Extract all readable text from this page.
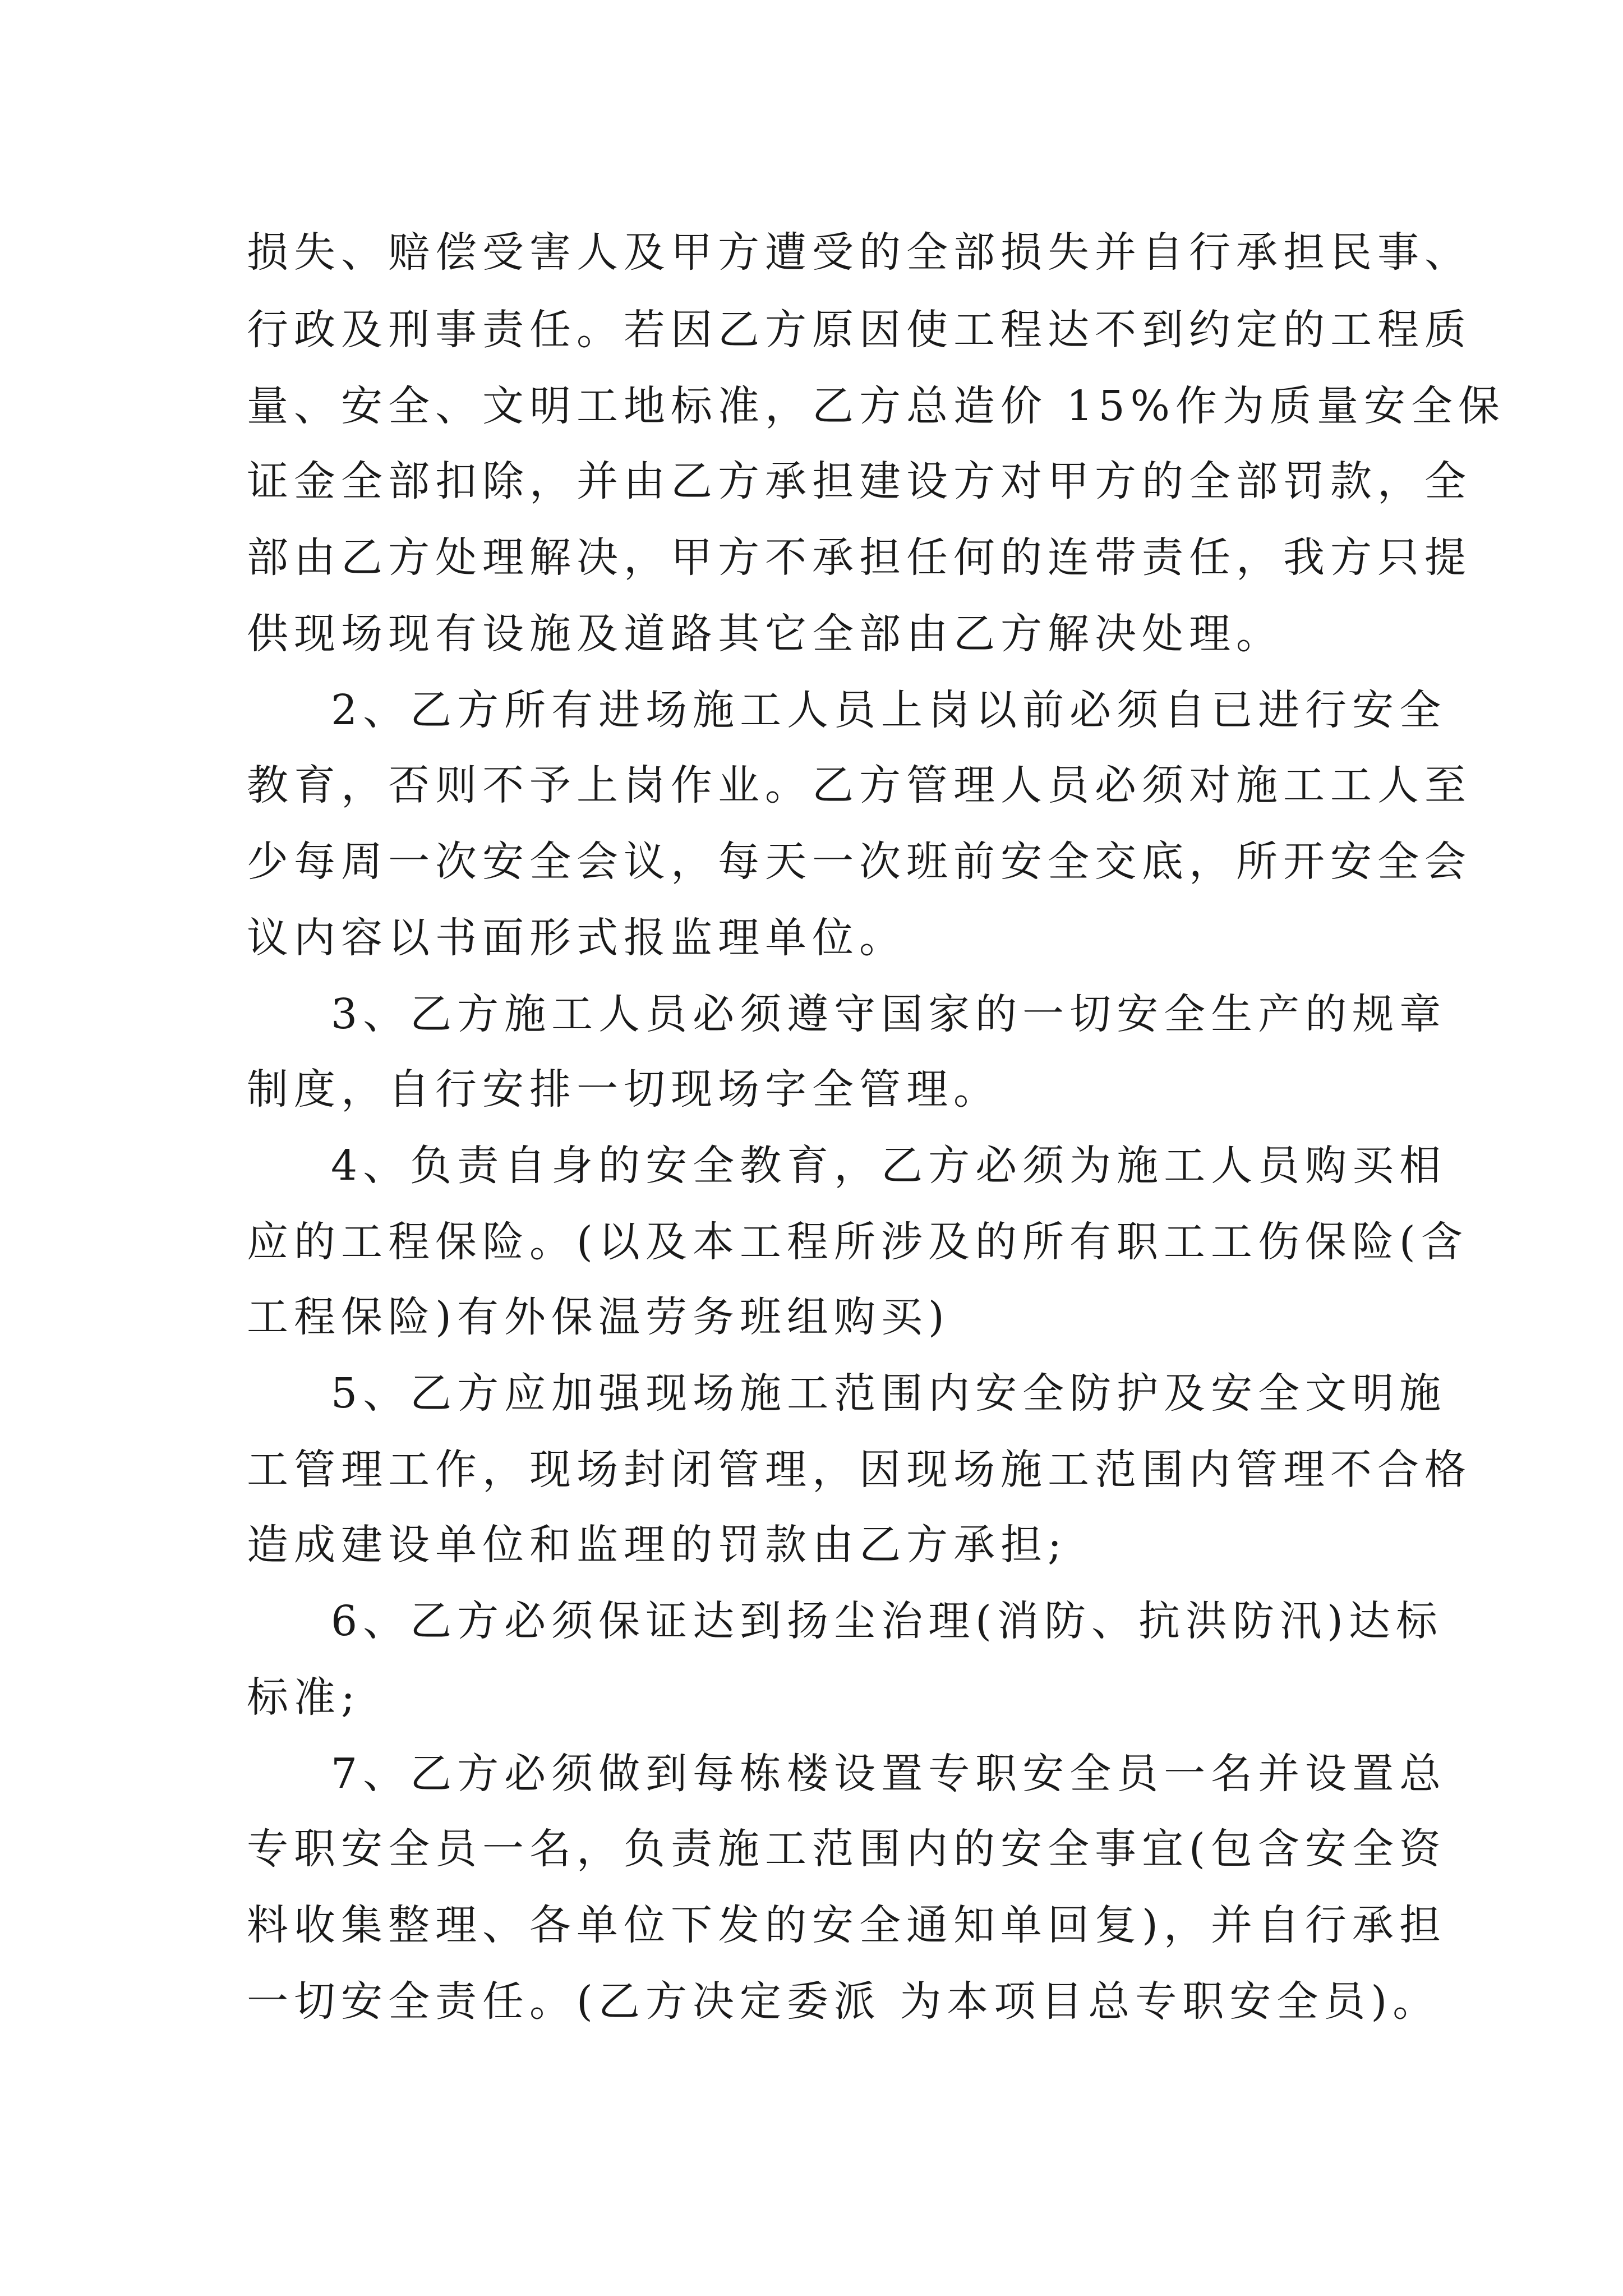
损失、赔偿受害人及甲方遭受的全部损失并自行承担民事、
行政及刑事责任。若因乙方原因使工程达不到约定的工程质
量、安全、文明工地标准，乙方总造价 15%作为质量安全保
证金全部扣除，并由乙方承担建设方对甲方的全部罚款，全
部由乙方处理解决，甲方不承担任何的连带责任，我方只提
供现场现有设施及道路其它全部由乙方解决处理。
2、乙方所有进场施工人员上岗以前必须自已进行安全
教育，否则不予上岗作业。乙方管理人员必须对施工工人至
少每周一次安全会议，每天一次班前安全交底，所开安全会
议内容以书面形式报监理单位。
3、乙方施工人员必须遵守国家的一切安全生产的规章
制度，自行安排一切现场字全管理。
4、负责自身的安全教育，乙方必须为施工人员购买相
应的工程保险。(以及本工程所涉及的所有职工工伤保险(含
工程保险)有外保温劳务班组购买)
5、乙方应加强现场施工范围内安全防护及安全文明施
工管理工作，现场封闭管理，因现场施工范围内管理不合格
造成建设单位和监理的罚款由乙方承担;
6、乙方必须保证达到扬尘治理(消防、抗洪防汛)达标
标准;
7、乙方必须做到每栋楼设置专职安全员一名并设置总
专职安全员一名，负责施工范围内的安全事宜(包含安全资
料收集整理、各单位下发的安全通知单回复)，并自行承担
一切安全责任。(乙方决定委派 为本项目总专职安全员)。
